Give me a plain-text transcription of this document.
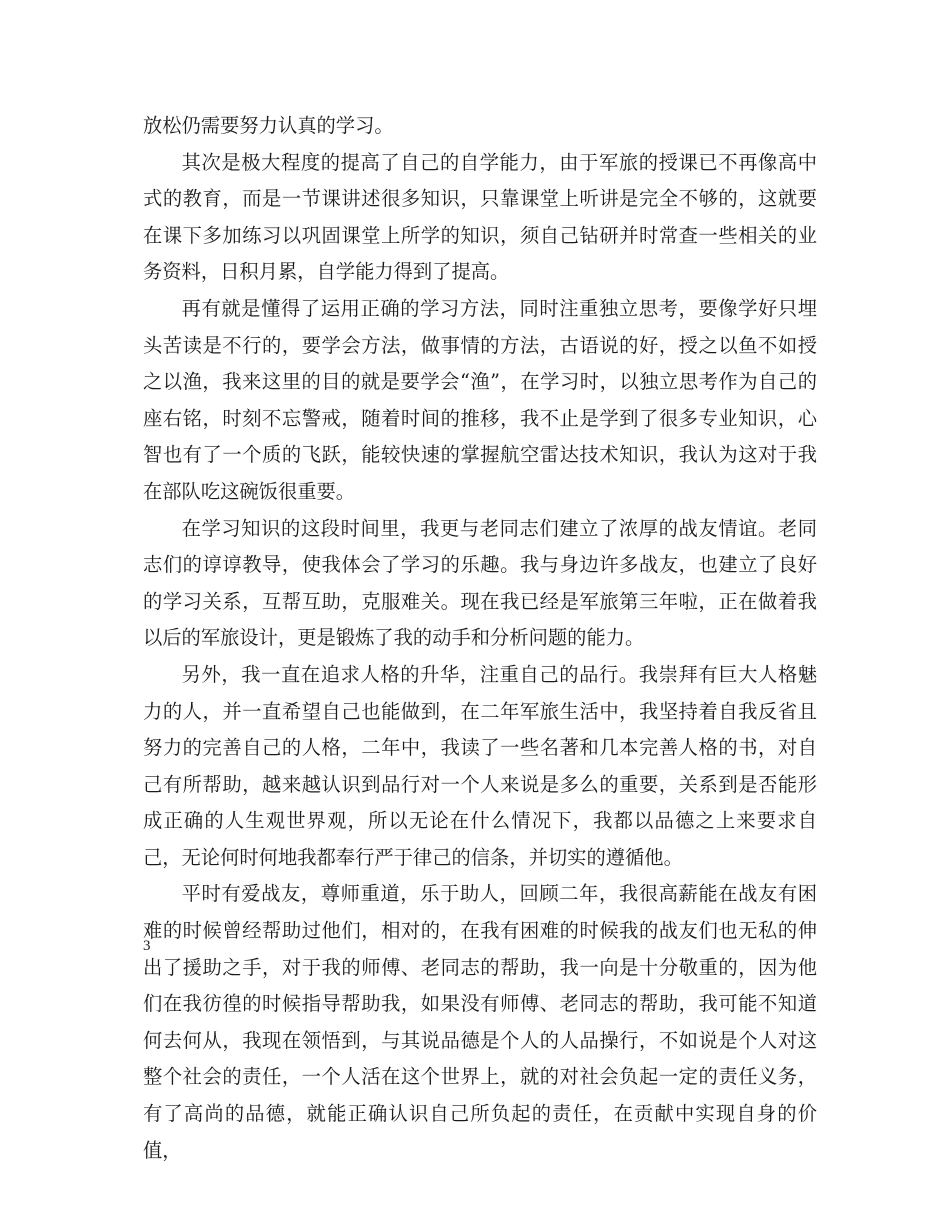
放松仍需要努力认真的学习。

其次是极大程度的提高了自己的自学能力，由于军旅的授课已不再像高中式的教育，而是一节课讲述很多知识，只靠课堂上听讲是完全不够的，这就要在课下多加练习以巩固课堂上所学的知识，须自己钻研并时常查一些相关的业务资料，日积月累，自学能力得到了提高。

再有就是懂得了运用正确的学习方法，同时注重独立思考，要像学好只埋头苦读是不行的，要学会方法，做事情的方法，古语说的好，授之以鱼不如授之以渔，我来这里的目的就是要学会“渔”，在学习时，以独立思考作为自己的座右铭，时刻不忘警戒，随着时间的推移，我不止是学到了很多专业知识，心智也有了一个质的飞跃，能较快速的掌握航空雷达技术知识，我认为这对于我在部队吃这碗饭很重要。

在学习知识的这段时间里，我更与老同志们建立了浓厚的战友情谊。老同志们的谆谆教导，使我体会了学习的乐趣。我与身边许多战友，也建立了良好的学习关系，互帮互助，克服难关。现在我已经是军旅第三年啦，正在做着我以后的军旅设计，更是锻炼了我的动手和分析问题的能力。

另外，我一直在追求人格的升华，注重自己的品行。我崇拜有巨大人格魅力的人，并一直希望自己也能做到，在二年军旅生活中，我坚持着自我反省且努力的完善自己的人格，二年中，我读了一些名著和几本完善人格的书，对自己有所帮助，越来越认识到品行对一个人来说是多么的重要，关系到是否能形成正确的人生观世界观，所以无论在什么情况下，我都以品德之上来要求自己，无论何时何地我都奉行严于律己的信条，并切实的遵循他。

平时有爱战友，尊师重道，乐于助人，回顾二年，我很高薪能在战友有困难的时候曾经帮助过他们，相对的，在我有困难的时候我的战友们也无私的伸出了援助之手，对于我的师傅、老同志的帮助，我一向是十分敬重的，因为他们在我彷徨的时候指导帮助我，如果没有师傅、老同志的帮助，我可能不知道何去何从，我现在领悟到，与其说品德是个人的人品操行，不如说是个人对这整个社会的责任，一个人活在这个世界上，就的对社会负起一定的责任义务，有了高尚的品德，就能正确认识自己所负起的责任，在贡献中实现自身的价值，

3
